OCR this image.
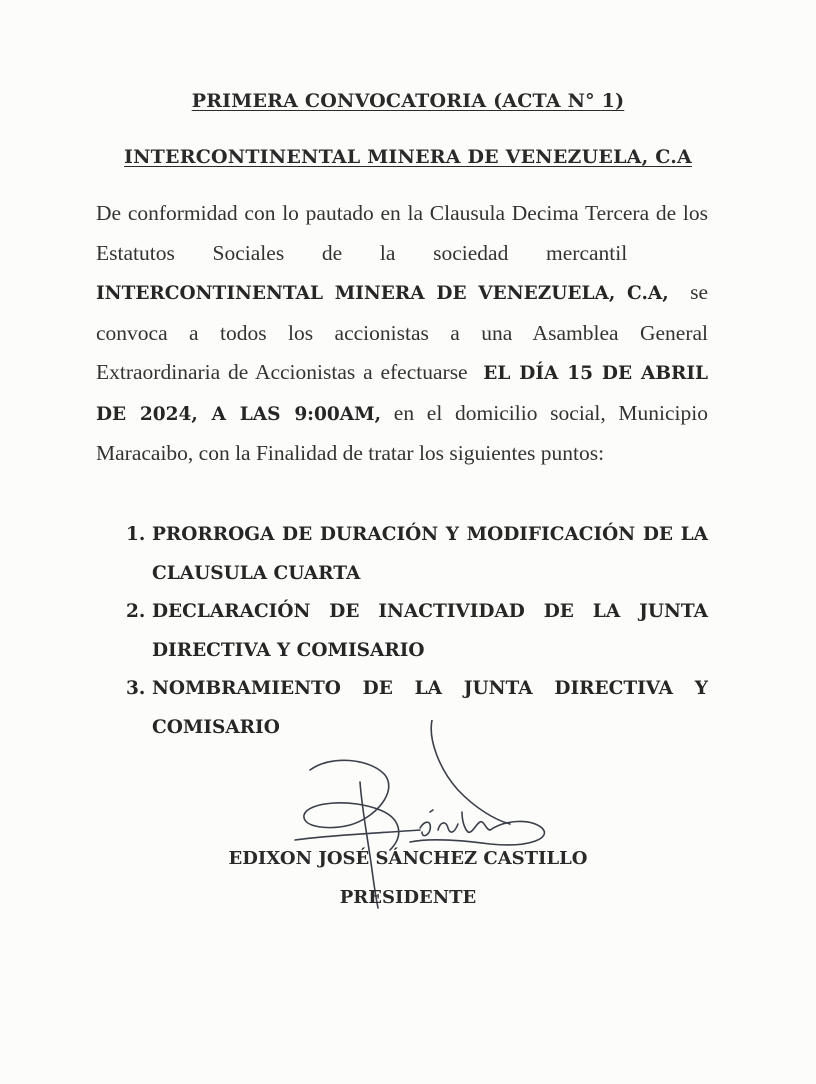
PRIMERA CONVOCATORIA (ACTA N° 1)
INTERCONTINENTAL MINERA DE VENEZUELA, C.A

De conformidad con lo pautado en la Clausula Decima Tercera de los Estatutos Sociales de la sociedad mercantil    INTERCONTINENTAL MINERA DE VENEZUELA, C.A, se convoca a todos los accionistas a una Asamblea General Extraordinaria de Accionistas a efectuarse EL DÍA 15 DE ABRIL DE 2024, A LAS 9:00AM, en el domicilio social, Municipio Maracaibo, con la Finalidad de tratar los siguientes puntos:

1. PRORROGA DE DURACIÓN Y MODIFICACIÓN DE LA CLAUSULA CUARTA
2. DECLARACIÓN DE INACTIVIDAD DE LA JUNTA DIRECTIVA Y COMISARIO
3. NOMBRAMIENTO DE LA JUNTA DIRECTIVA Y COMISARIO
EDIXON JOSÉ SÁNCHEZ CASTILLO
PRESIDENTE
